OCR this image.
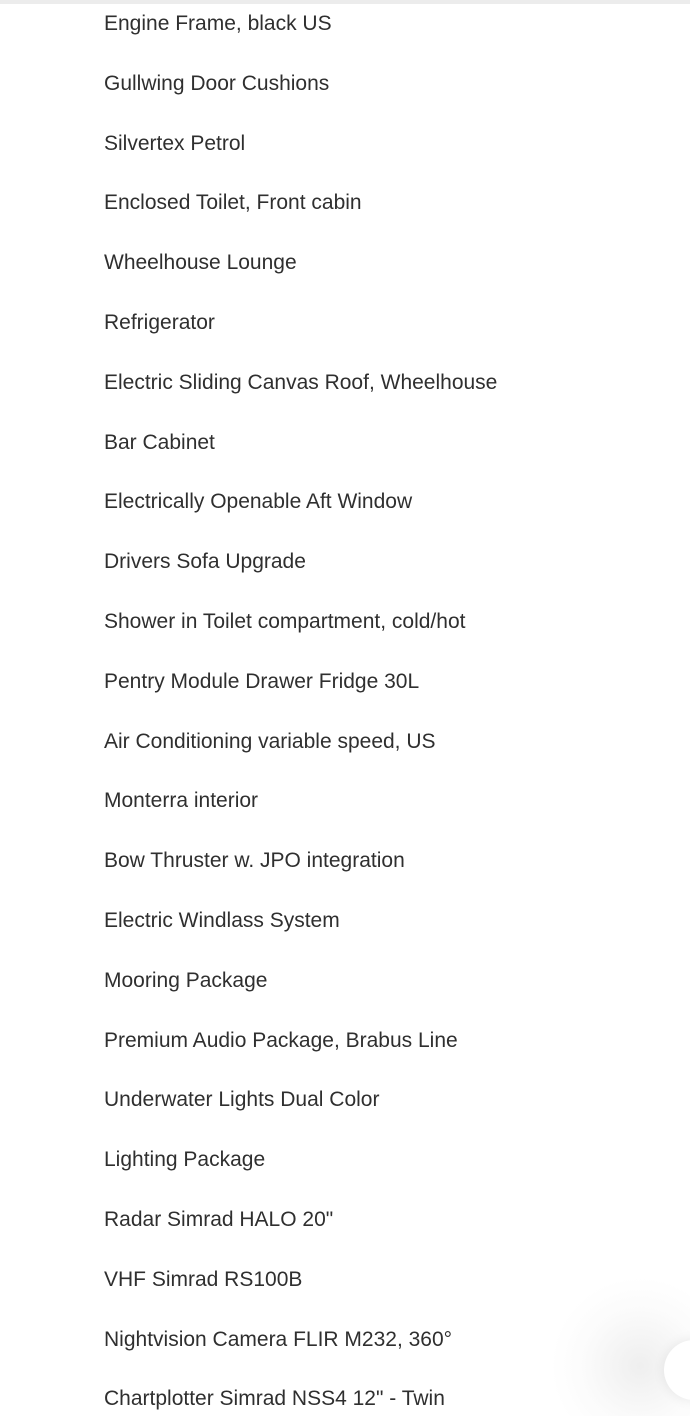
Engine Frame, black US
Gullwing Door Cushions
Silvertex Petrol
Enclosed Toilet, Front cabin
Wheelhouse Lounge
Refrigerator
Electric Sliding Canvas Roof, Wheelhouse
Bar Cabinet
Electrically Openable Aft Window
Drivers Sofa Upgrade
Shower in Toilet compartment, cold/hot
Pentry Module Drawer Fridge 30L
Air Conditioning variable speed, US
Monterra interior
Bow Thruster w. JPO integration
Electric Windlass System
Mooring Package
Premium Audio Package, Brabus Line
Underwater Lights Dual Color
Lighting Package
Radar Simrad HALO 20"
VHF Simrad RS100B
Nightvision Camera FLIR M232, 360°
Chartplotter Simrad NSS4 12" - Twin
